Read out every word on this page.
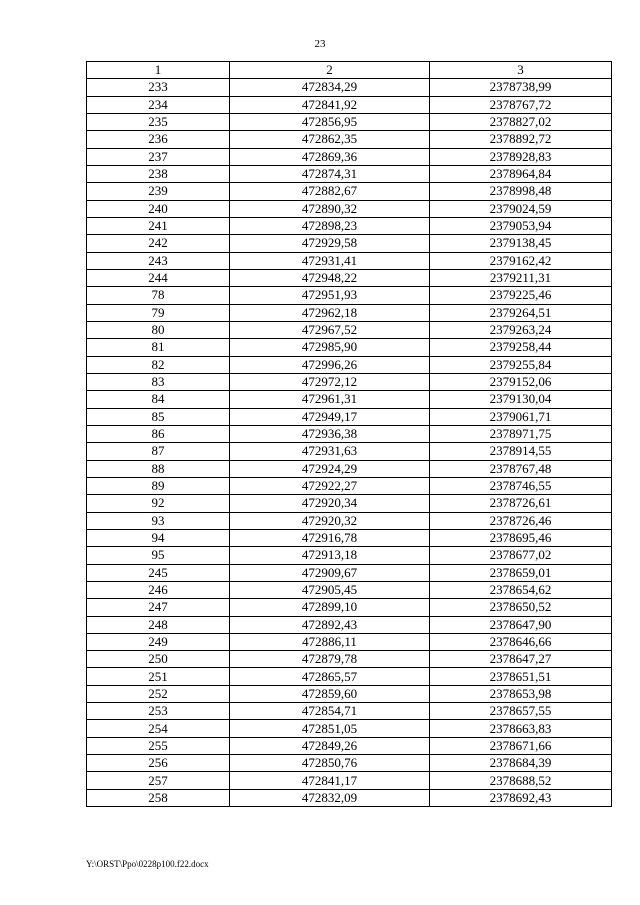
23
1	2	3
233	472834,29	2378738,99
234	472841,92	2378767,72
235	472856,95	2378827,02
236	472862,35	2378892,72
237	472869,36	2378928,83
238	472874,31	2378964,84
239	472882,67	2378998,48
240	472890,32	2379024,59
241	472898,23	2379053,94
242	472929,58	2379138,45
243	472931,41	2379162,42
244	472948,22	2379211,31
78	472951,93	2379225,46
79	472962,18	2379264,51
80	472967,52	2379263,24
81	472985,90	2379258,44
82	472996,26	2379255,84
83	472972,12	2379152,06
84	472961,31	2379130,04
85	472949,17	2379061,71
86	472936,38	2378971,75
87	472931,63	2378914,55
88	472924,29	2378767,48
89	472922,27	2378746,55
92	472920,34	2378726,61
93	472920,32	2378726,46
94	472916,78	2378695,46
95	472913,18	2378677,02
245	472909,67	2378659,01
246	472905,45	2378654,62
247	472899,10	2378650,52
248	472892,43	2378647,90
249	472886,11	2378646,66
250	472879,78	2378647,27
251	472865,57	2378651,51
252	472859,60	2378653,98
253	472854,71	2378657,55
254	472851,05	2378663,83
255	472849,26	2378671,66
256	472850,76	2378684,39
257	472841,17	2378688,52
258	472832,09	2378692,43
Y:\ORST\Ppo\0228p100.f22.docx
